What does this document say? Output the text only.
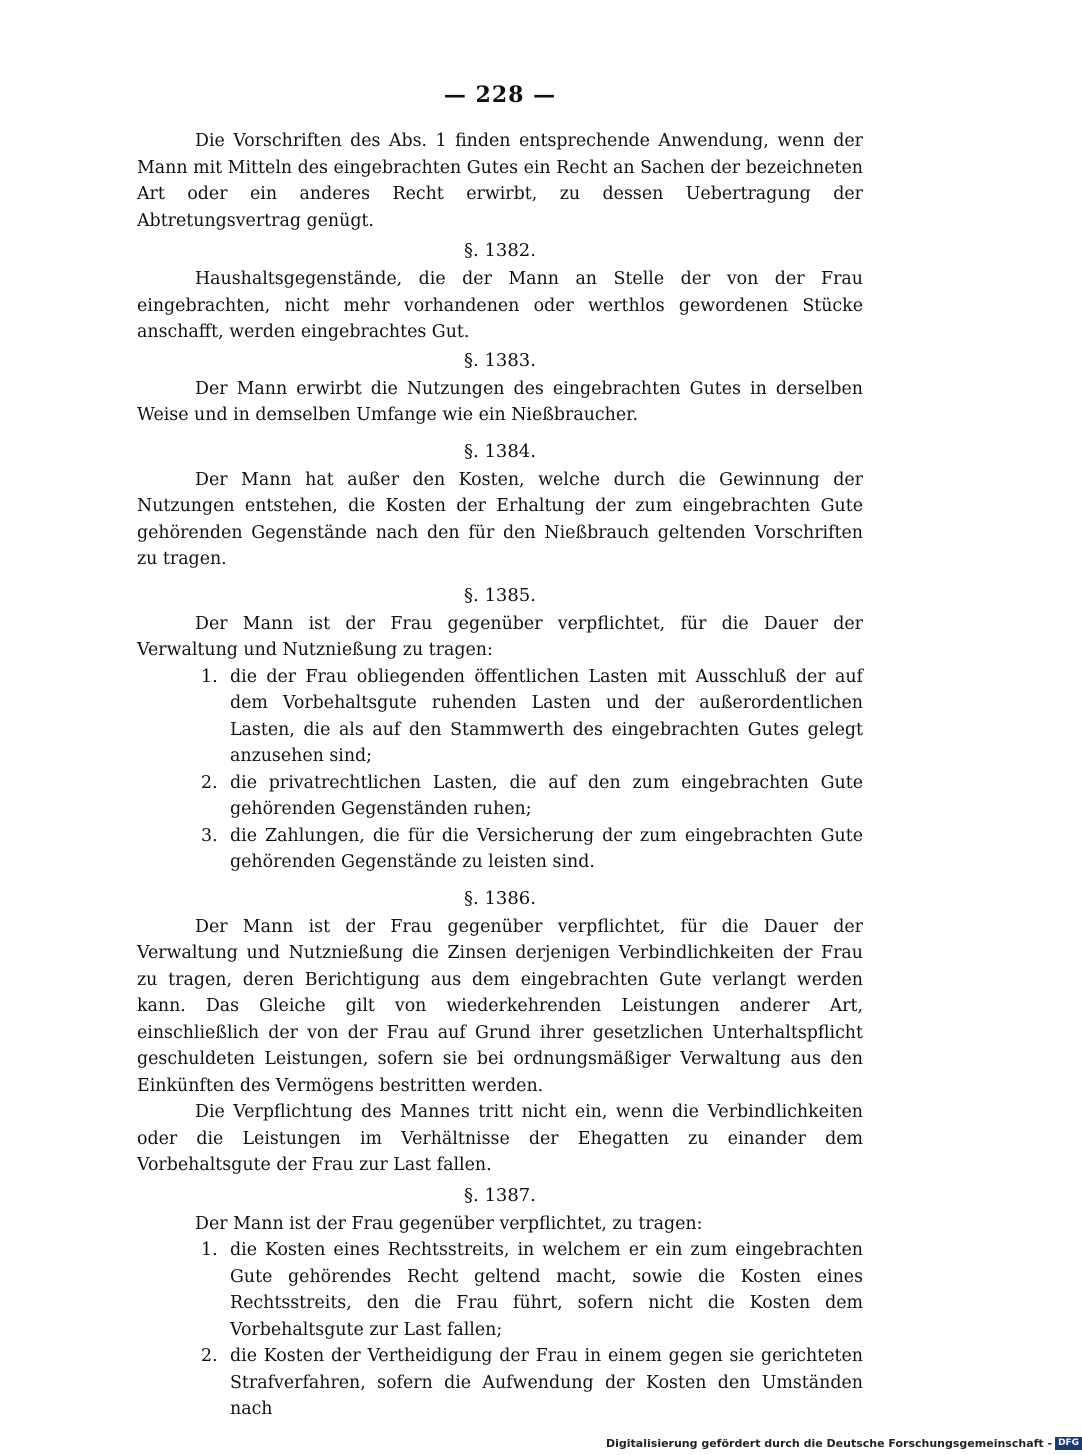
— 228 —

Die Vorschriften des Abs. 1 finden entsprechende Anwendung, wenn der Mann mit Mitteln des eingebrachten Gutes ein Recht an Sachen der bezeichneten Art oder ein anderes Recht erwirbt, zu dessen Uebertragung der Abtretungsvertrag genügt.

§. 1382.

Haushaltsgegenstände, die der Mann an Stelle der von der Frau eingebrachten, nicht mehr vorhandenen oder werthlos gewordenen Stücke anschafft, werden eingebrachtes Gut.

§. 1383.

Der Mann erwirbt die Nutzungen des eingebrachten Gutes in derselben Weise und in demselben Umfange wie ein Nießbraucher.

§. 1384.

Der Mann hat außer den Kosten, welche durch die Gewinnung der Nutzungen entstehen, die Kosten der Erhaltung der zum eingebrachten Gute gehörenden Gegenstände nach den für den Nießbrauch geltenden Vorschriften zu tragen.

§. 1385.

Der Mann ist der Frau gegenüber verpflichtet, für die Dauer der Verwaltung und Nutznießung zu tragen:

1. die der Frau obliegenden öffentlichen Lasten mit Ausschluß der auf dem Vorbehaltsgute ruhenden Lasten und der außerordentlichen Lasten, die als auf den Stammwerth des eingebrachten Gutes gelegt anzusehen sind;
2. die privatrechtlichen Lasten, die auf den zum eingebrachten Gute gehörenden Gegenständen ruhen;
3. die Zahlungen, die für die Versicherung der zum eingebrachten Gute gehörenden Gegenstände zu leisten sind.
§. 1386.

Der Mann ist der Frau gegenüber verpflichtet, für die Dauer der Verwaltung und Nutznießung die Zinsen derjenigen Verbindlichkeiten der Frau zu tragen, deren Berichtigung aus dem eingebrachten Gute verlangt werden kann. Das Gleiche gilt von wiederkehrenden Leistungen anderer Art, einschließlich der von der Frau auf Grund ihrer gesetzlichen Unterhaltspflicht geschuldeten Leistungen, sofern sie bei ordnungsmäßiger Verwaltung aus den Einkünften des Vermögens bestritten werden.

Die Verpflichtung des Mannes tritt nicht ein, wenn die Verbindlichkeiten oder die Leistungen im Verhältnisse der Ehegatten zu einander dem Vorbehaltsgute der Frau zur Last fallen.

§. 1387.

Der Mann ist der Frau gegenüber verpflichtet, zu tragen:

1. die Kosten eines Rechtsstreits, in welchem er ein zum eingebrachten Gute gehörendes Recht geltend macht, sowie die Kosten eines Rechtsstreits, den die Frau führt, sofern nicht die Kosten dem Vorbehaltsgute zur Last fallen;
2. die Kosten der Vertheidigung der Frau in einem gegen sie gerichteten Strafverfahren, sofern die Aufwendung der Kosten den Umständen nach
Digitalisierung gefördert durch die Deutsche Forschungsgemeinschaft - DFG
